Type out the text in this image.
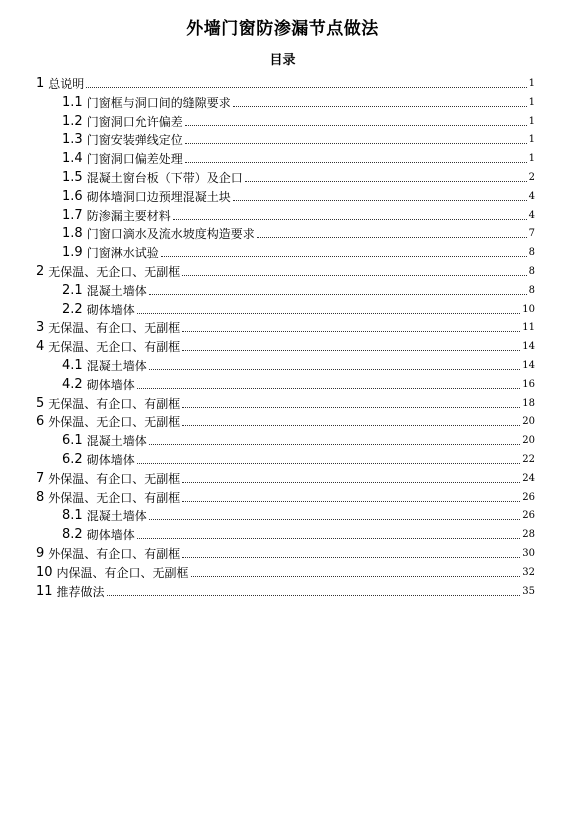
外墙门窗防渗漏节点做法
目录
1 总说明	1
1.1 门窗框与洞口间的缝隙要求	1
1.2 门窗洞口允许偏差	1
1.3 门窗安装弹线定位	1
1.4 门窗洞口偏差处理	1
1.5 混凝土窗台板（下带）及企口	2
1.6 砌体墙洞口边预埋混凝土块	4
1.7 防渗漏主要材料	4
1.8 门窗口滴水及流水坡度构造要求	7
1.9 门窗淋水试验	8
2 无保温、无企口、无副框	8
2.1 混凝土墙体	8
2.2 砌体墙体	10
3 无保温、有企口、无副框	11
4 无保温、无企口、有副框	14
4.1 混凝土墙体	14
4.2 砌体墙体	16
5 无保温、有企口、有副框	18
6 外保温、无企口、无副框	20
6.1 混凝土墙体	20
6.2 砌体墙体	22
7 外保温、有企口、无副框	24
8 外保温、无企口、有副框	26
8.1 混凝土墙体	26
8.2 砌体墙体	28
9 外保温、有企口、有副框	30
10 内保温、有企口、无副框	32
11 推荐做法	35
